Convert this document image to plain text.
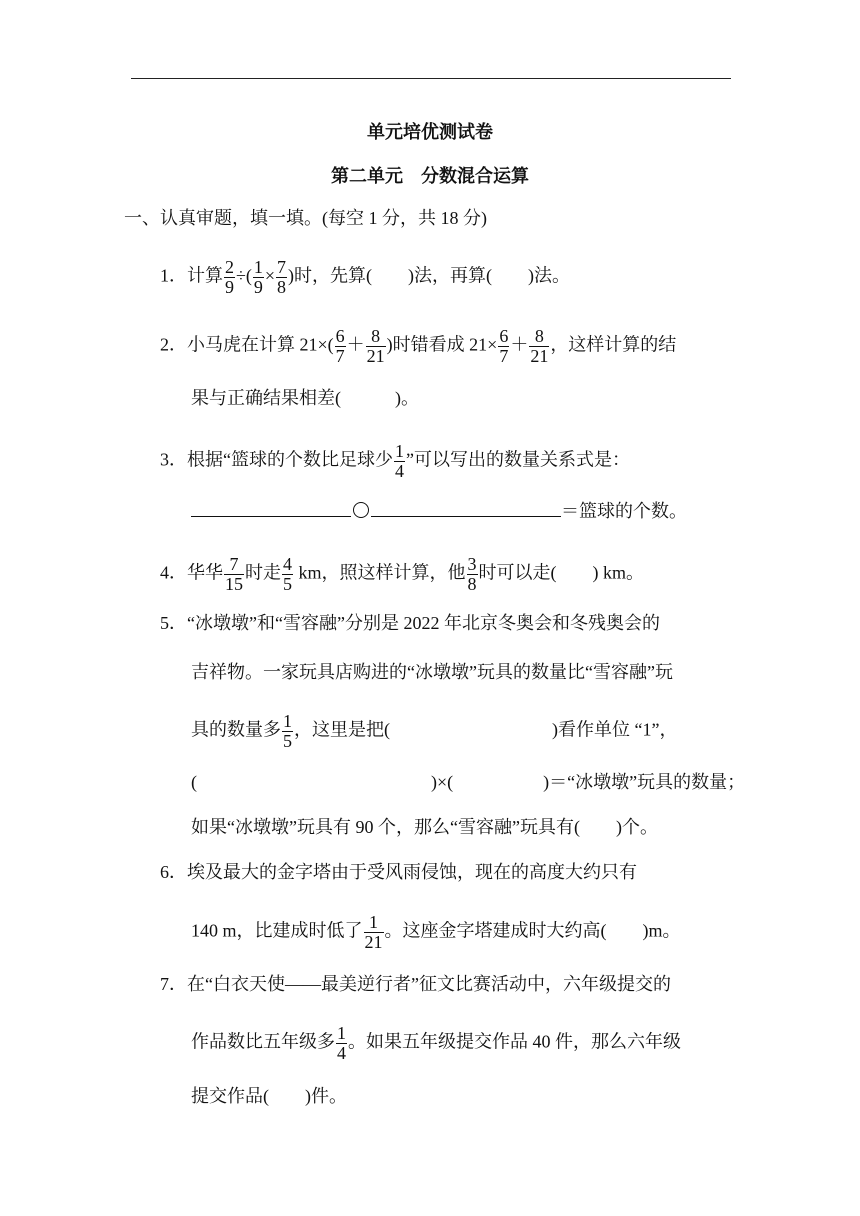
单元培优测试卷
第二单元　分数混合运算
一、认真审题，填一填。(每空 1 分，共 18 分)
1．计算 $\frac{2}{9}$ ÷( $\frac{1}{9} \times \frac{7}{8}$ )时，先算(　　)法，再算(　　)法。
2．小马虎在计算 $21\times( \frac{6}{7} + \frac{8}{21}$ )时错看成 $21\times \frac{6}{7} + \frac{8}{21}$ ，这样计算的结
果与正确结果相差(　　　)。
3．根据“篮球的个数比足球少 $\frac{1}{4}$ ”可以写出的数量关系式是：
＝篮球的个数。
4．华华 $\frac{7}{15}$ 时走 $\frac{4}{5}$ km，照这样计算，他 $\frac{3}{8}$ 时可以走(　　) km。
5．“冰墩墩”和“雪容融”分别是 2022 年北京冬奥会和冬残奥会的
吉祥物。一家玩具店购进的“冰墩墩”玩具的数量比“雪容融”玩
具的数量多 $\frac{1}{5}$ ，这里是把(　　　　　　　　　)看作单位 “1”，
(　　　　　　　　　　　　　)×(　　　　　)＝“冰墩墩”玩具的数量；
如果“冰墩墩”玩具有 90 个，那么“雪容融”玩具有(　　)个。
6．埃及最大的金字塔由于受风雨侵蚀，现在的高度大约只有
140 m，比建成时低了 $\frac{1}{21}$ 。这座金字塔建成时大约高(　　)m。
7．在“白衣天使——最美逆行者”征文比赛活动中，六年级提交的
作品数比五年级多 $\frac{1}{4}$ 。如果五年级提交作品 40 件，那么六年级
提交作品(　　)件。
